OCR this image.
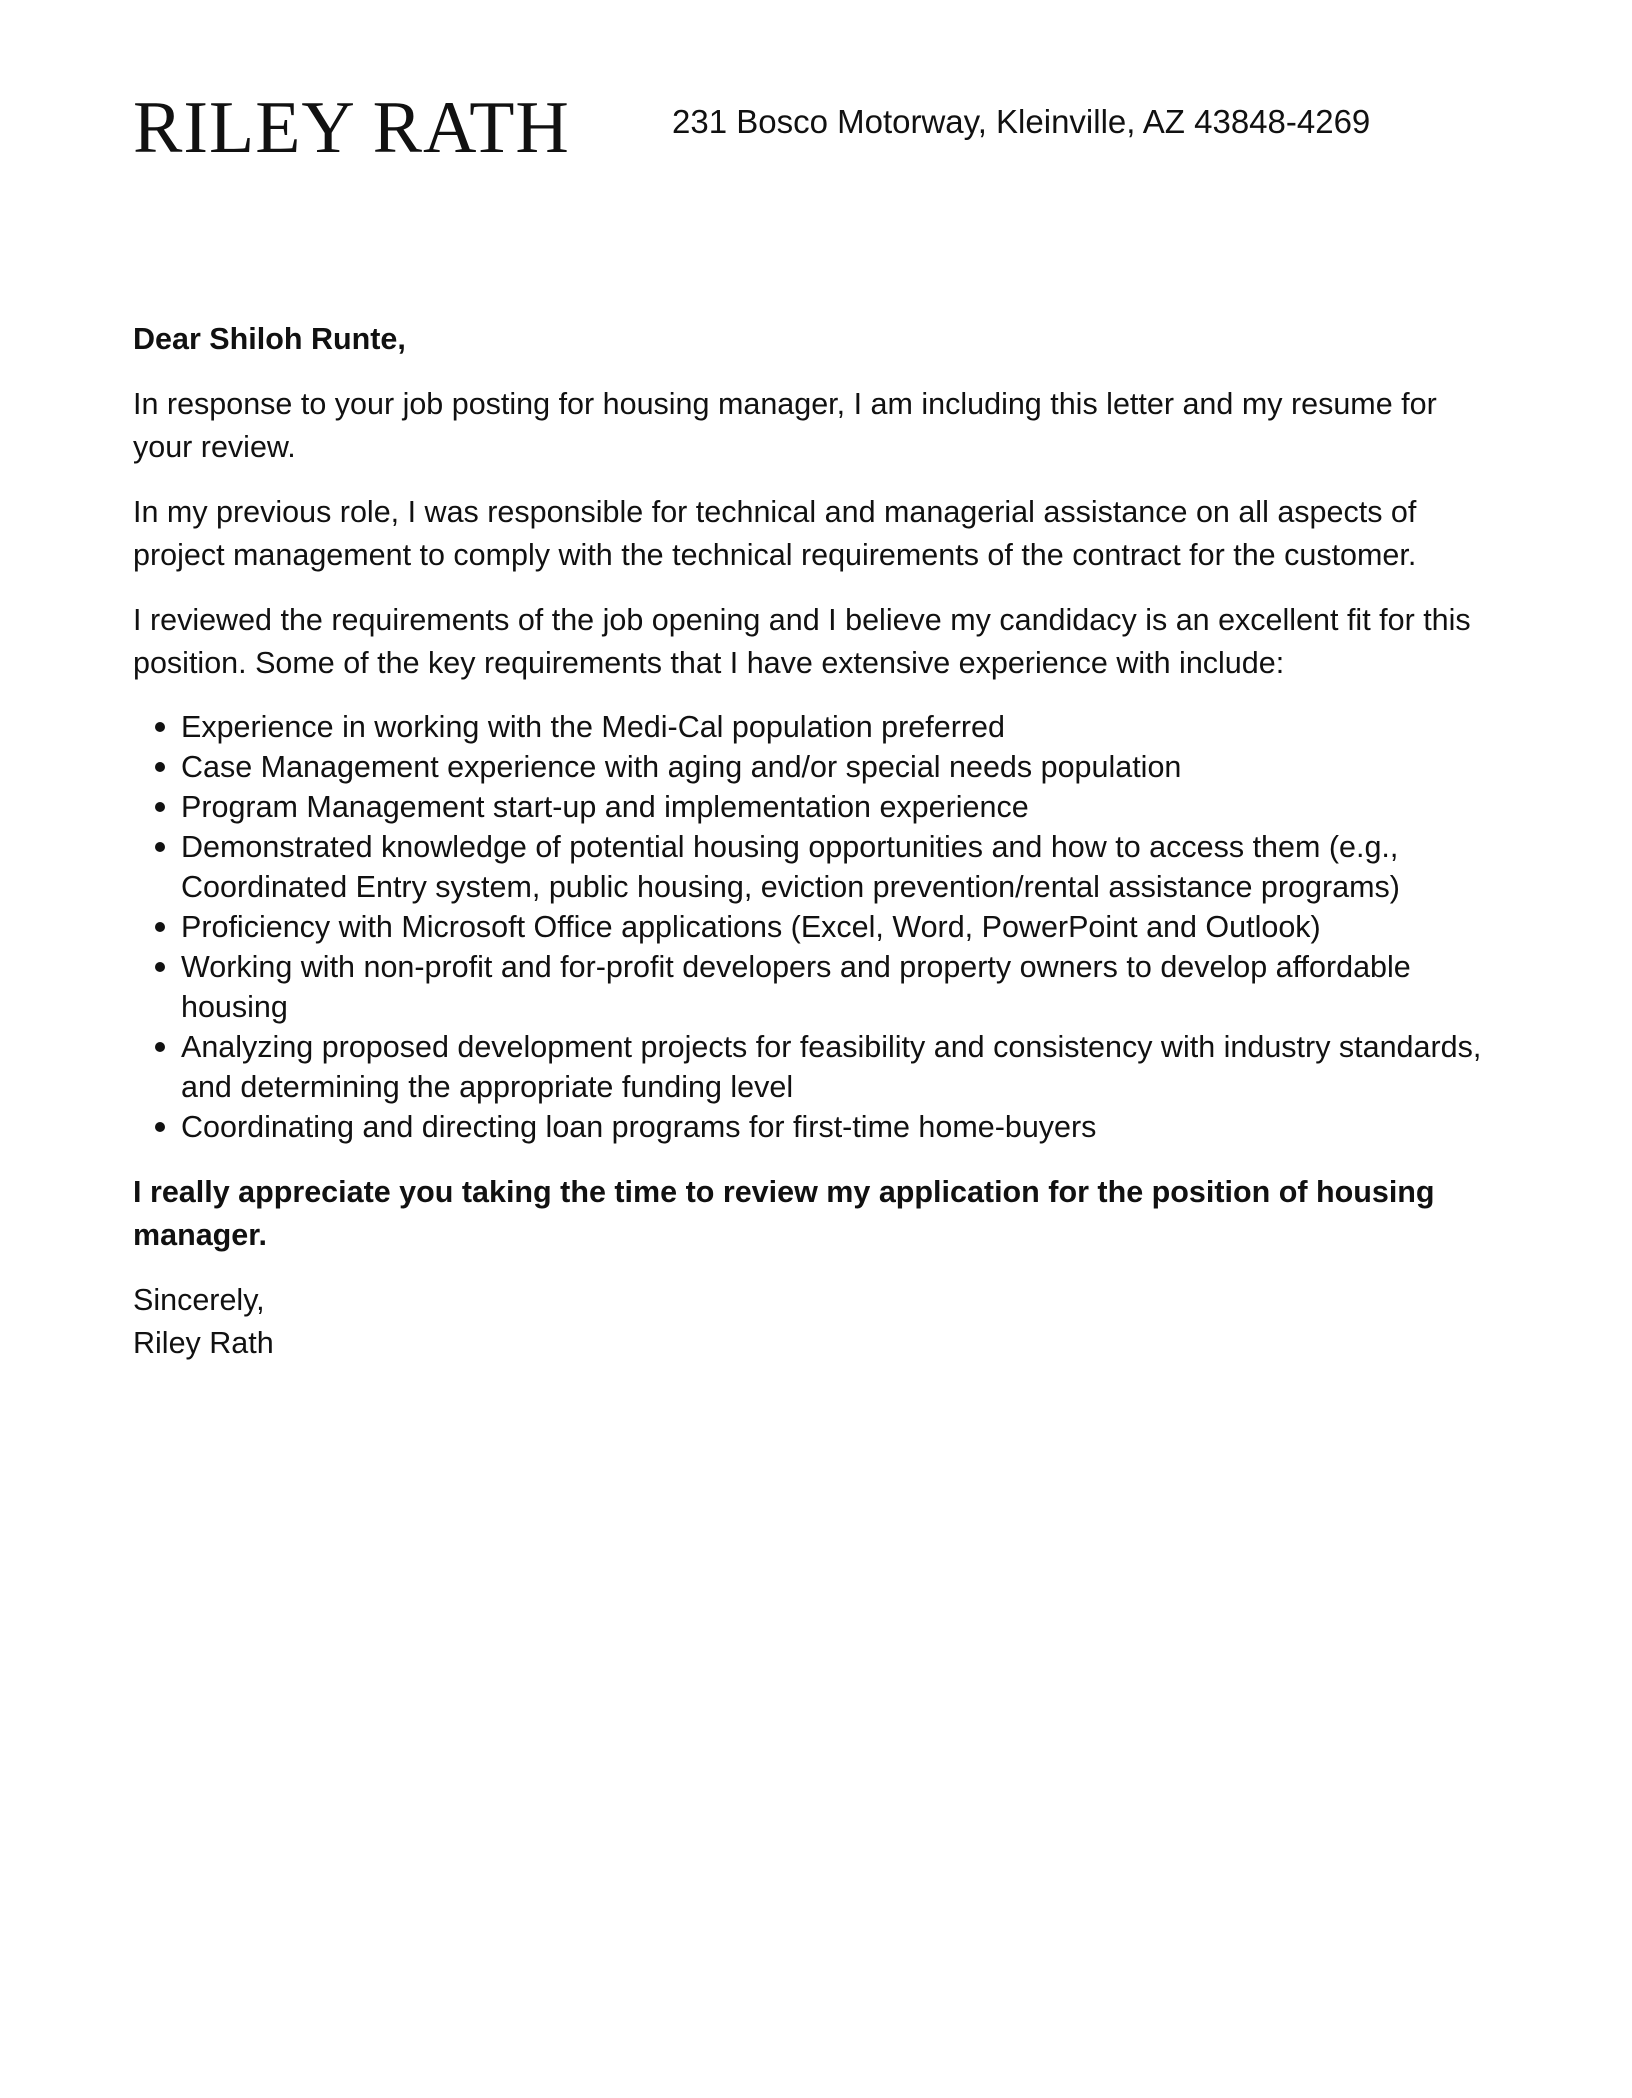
RILEY RATH	231 Bosco Motorway, Kleinville, AZ 43848-4269

Dear Shiloh Runte,

In response to your job posting for housing manager, I am including this letter and my resume for your review.

In my previous role, I was responsible for technical and managerial assistance on all aspects of project management to comply with the technical requirements of the contract for the customer.

I reviewed the requirements of the job opening and I believe my candidacy is an excellent fit for this position. Some of the key requirements that I have extensive experience with include:

Experience in working with the Medi-Cal population preferred
Case Management experience with aging and/or special needs population
Program Management start-up and implementation experience
Demonstrated knowledge of potential housing opportunities and how to access them (e.g., Coordinated Entry system, public housing, eviction prevention/rental assistance programs)
Proficiency with Microsoft Office applications (Excel, Word, PowerPoint and Outlook)
Working with non-profit and for-profit developers and property owners to develop affordable housing
Analyzing proposed development projects for feasibility and consistency with industry standards, and determining the appropriate funding level
Coordinating and directing loan programs for first-time home-buyers

I really appreciate you taking the time to review my application for the position of housing manager.

Sincerely,

Riley Rath
